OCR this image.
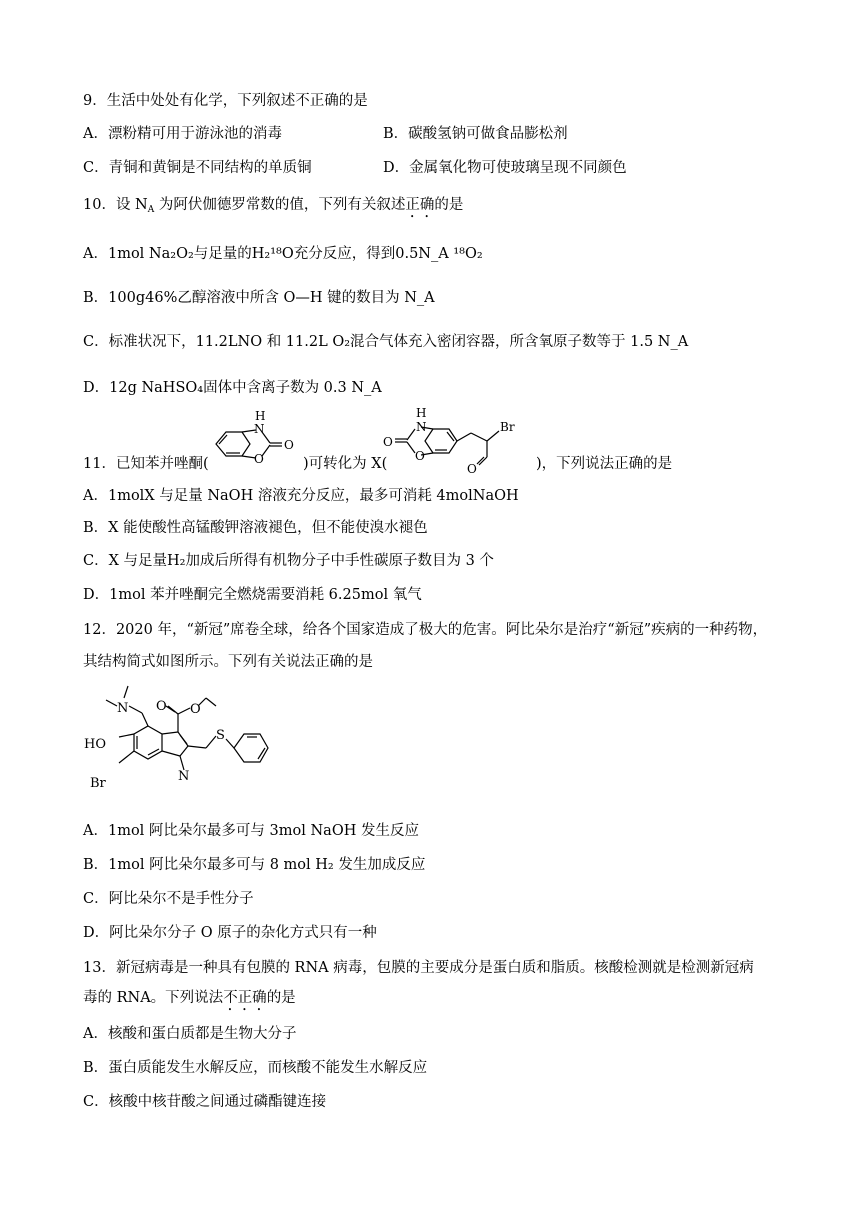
9．生活中处处有化学，下列叙述不正确的是
A．漂粉精可用于游泳池的消毒	B．碳酸氢钠可做食品膨松剂
C．青铜和黄铜是不同结构的单质铜	D．金属氧化物可使玻璃呈现不同颜色
10．设 $N_A$ 为阿伏伽德罗常数的值，下列有关叙述正确的是
A．1mol Na₂O₂与足量的H₂¹⁸O充分反应，得到0.5N_A ¹⁸O₂
B．100g46%乙醇溶液中所含 O—H 键的数目为 N_A
C．标准状况下，11.2LNO 和 11.2L O₂混合气体充入密闭容器，所含氧原子数等于 1.5 N_A
D．12g NaHSO₄固体中含离子数为 0.3 N_A
11．已知苯并唑酮(	)可转化为 X(	)，下列说法正确的是
H
N
O
O	O
H
N
O
Br
O
A．1molX 与足量 NaOH 溶液充分反应，最多可消耗 4molNaOH
B．X 能使酸性高锰酸钾溶液褪色，但不能使溴水褪色
C．X 与足量H₂加成后所得有机物分子中手性碳原子数目为 3 个
D．1mol 苯并唑酮完全燃烧需要消耗 6.25mol 氧气
12．2020 年，“新冠”席卷全球，给各个国家造成了极大的危害。阿比朵尔是治疗“新冠”疾病的一种药物，
其结构简式如图所示。下列有关说法正确的是
N
HO
Br	N
O O
S
A．1mol 阿比朵尔最多可与 3mol NaOH 发生反应
B．1mol 阿比朵尔最多可与 8 mol H₂ 发生加成反应
C．阿比朵尔不是手性分子
D．阿比朵尔分子 O 原子的杂化方式只有一种
13．新冠病毒是一种具有包膜的 RNA 病毒，包膜的主要成分是蛋白质和脂质。核酸检测就是检测新冠病
毒的 RNA。下列说法不正确的是
A．核酸和蛋白质都是生物大分子
B．蛋白质能发生水解反应，而核酸不能发生水解反应
C．核酸中核苷酸之间通过磷酯键连接
